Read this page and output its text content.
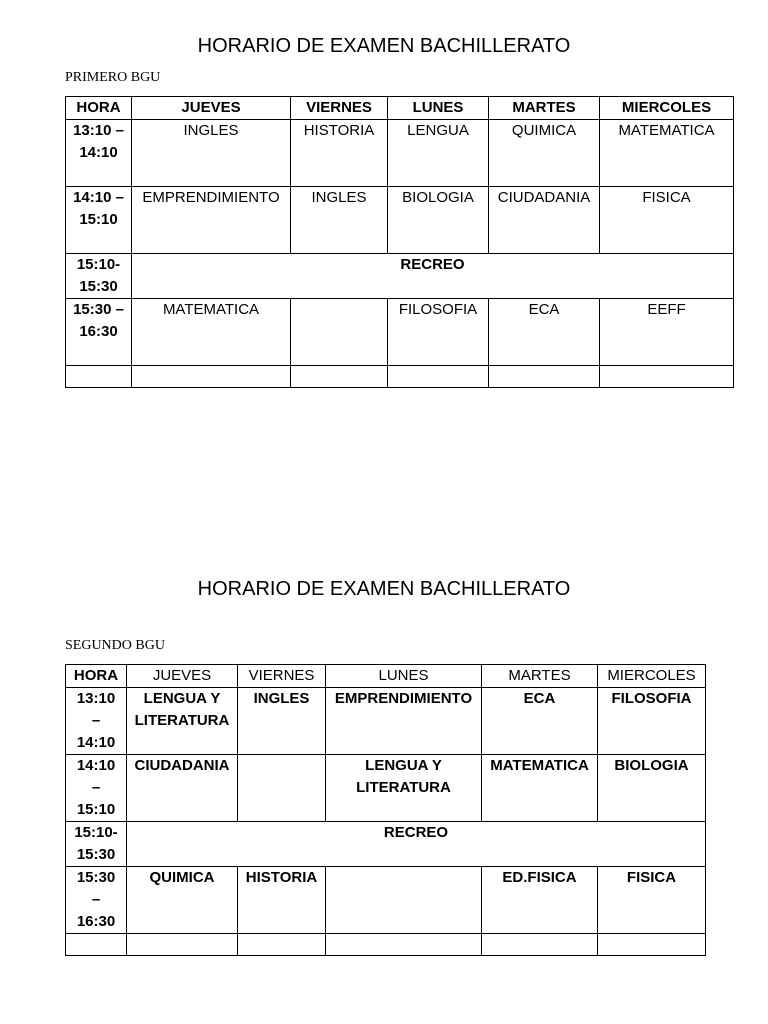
HORARIO DE EXAMEN BACHILLERATO
PRIMERO BGU
HORA	JUEVES	VIERNES	LUNES	MARTES	MIERCOLES

13:10 –
14:10	INGLES	HISTORIA	LENGUA	QUIMICA	MATEMATICA

14:10 –
15:10	EMPRENDIMIENTO	INGLES	BIOLOGIA	CIUDADANIA	FISICA

15:10-
15:30	RECREO				

15:30 –
16:30	MATEMATICA		FILOSOFIA	ECA	EEFF

HORARIO DE EXAMEN BACHILLERATO
SEGUNDO BGU
HORA	JUEVES	VIERNES	LUNES	MARTES	MIERCOLES

13:10
–
14:10	LENGUA Y LITERATURA	INGLES	EMPRENDIMIENTO	ECA	FILOSOFIA

14:10
–
15:10	CIUDADANIA		LENGUA Y LITERATURA	MATEMATICA	BIOLOGIA

15:10-
15:30	RECREO				

15:30
–
16:30	QUIMICA	HISTORIA		ED.FISICA	FISICA
